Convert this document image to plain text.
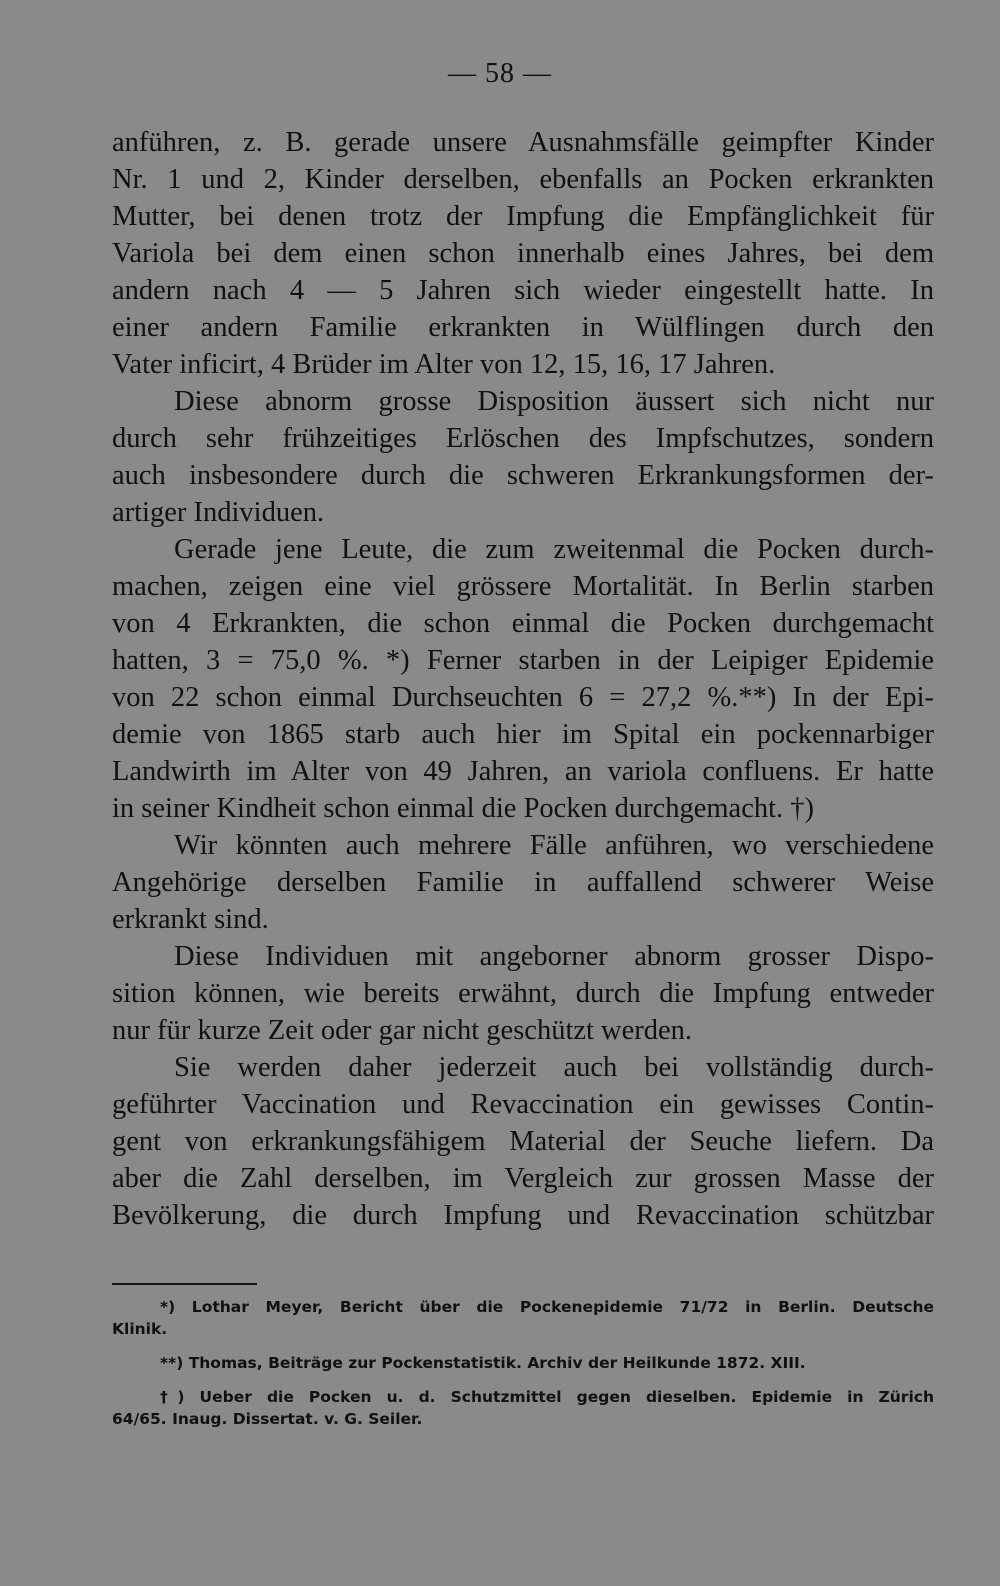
— 58 —
anführen, z. B. gerade unsere Ausnahmsfälle geimpfter Kinder
Nr. 1 und 2, Kinder derselben, ebenfalls an Pocken erkrankten
Mutter, bei denen trotz der Impfung die Empfänglichkeit für
Variola bei dem einen schon innerhalb eines Jahres, bei dem
andern nach 4 — 5 Jahren sich wieder eingestellt hatte. In
einer andern Familie erkrankten in Wülflingen durch den
Vater inficirt, 4 Brüder im Alter von 12, 15, 16, 17 Jahren.
Diese abnorm grosse Disposition äussert sich nicht nur
durch sehr frühzeitiges Erlöschen des Impfschutzes, sondern
auch insbesondere durch die schweren Erkrankungsformen der-
artiger Individuen.
Gerade jene Leute, die zum zweitenmal die Pocken durch-
machen, zeigen eine viel grössere Mortalität. In Berlin starben
von 4 Erkrankten, die schon einmal die Pocken durchgemacht
hatten, 3 = 75,0 %. *) Ferner starben in der Leipiger Epidemie
von 22 schon einmal Durchseuchten 6 = 27,2 %.**) In der Epi-
demie von 1865 starb auch hier im Spital ein pockennarbiger
Landwirth im Alter von 49 Jahren, an variola confluens. Er hatte
in seiner Kindheit schon einmal die Pocken durchgemacht. †)
Wir könnten auch mehrere Fälle anführen, wo verschiedene
Angehörige derselben Familie in auffallend schwerer Weise
erkrankt sind.
Diese Individuen mit angeborner abnorm grosser Dispo-
sition können, wie bereits erwähnt, durch die Impfung entweder
nur für kurze Zeit oder gar nicht geschützt werden.
Sie werden daher jederzeit auch bei vollständig durch-
geführter Vaccination und Revaccination ein gewisses Contin-
gent von erkrankungsfähigem Material der Seuche liefern. Da
aber die Zahl derselben, im Vergleich zur grossen Masse der
Bevölkerung, die durch Impfung und Revaccination schützbar
*) Lothar Meyer, Bericht über die Pockenepidemie 71/72 in Berlin. Deutsche
Klinik.
**) Thomas, Beiträge zur Pockenstatistik. Archiv der Heilkunde 1872. XIII.
†) Ueber die Pocken u. d. Schutzmittel gegen dieselben. Epidemie in Zürich
64/65. Inaug. Dissertat. v. G. Seiler.
